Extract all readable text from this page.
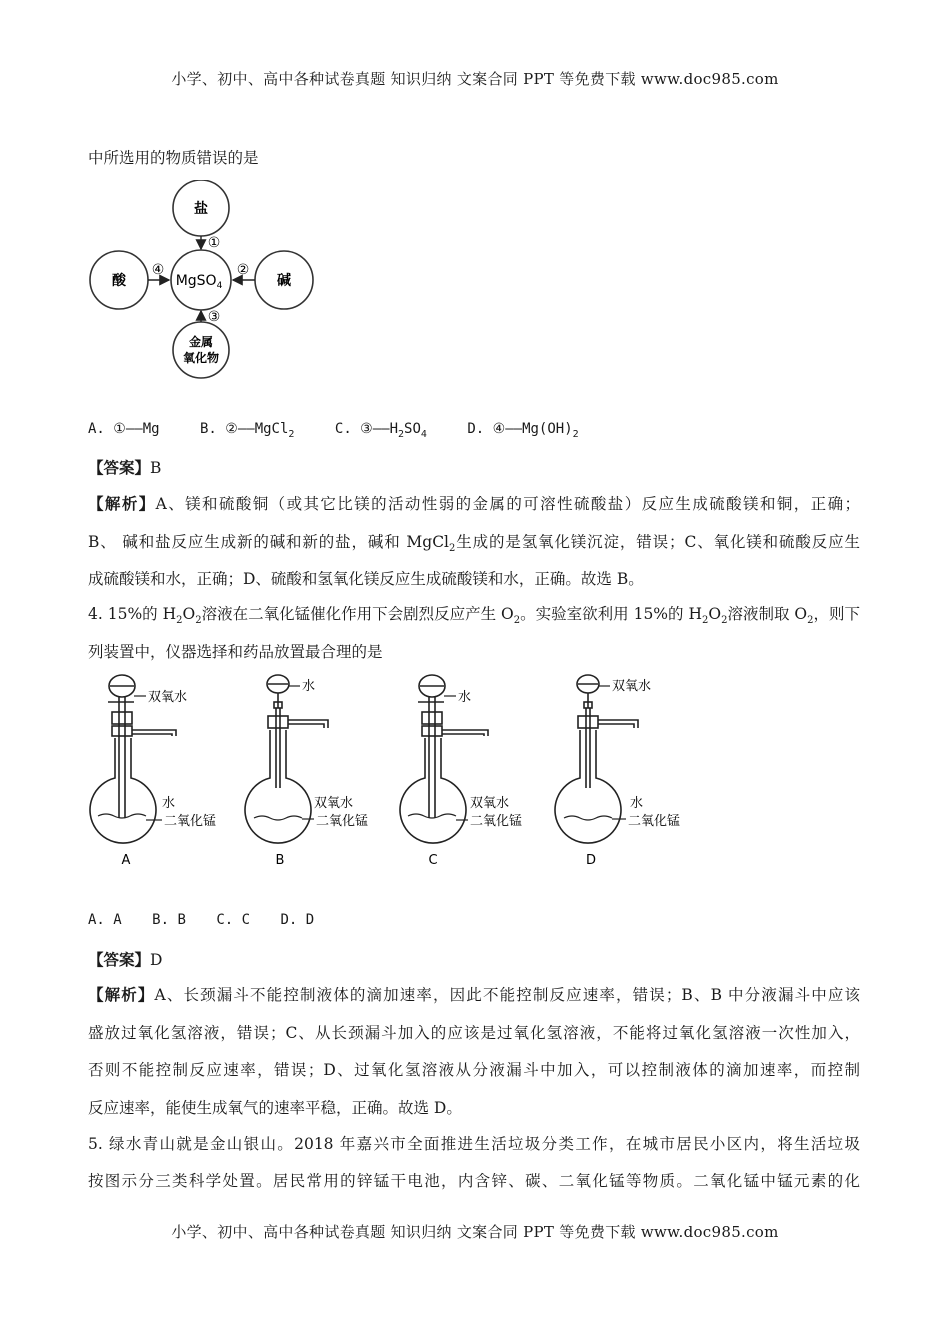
小学、初中、高中各种试卷真题 知识归纳 文案合同 PPT 等免费下载 www.doc985.com
中所选用的物质错误的是
盐
酸	碱
MgSO$_4$
金属
氧化物
①
②
③
④
A. ①——Mg	B. ②——MgCl$_2$	C. $③——H_2SO_4$	D. $④——Mg(OH)_2$
【答案】B
【解析】A、镁和硫酸铜（或其它比镁的活动性弱的金属的可溶性硫酸盐）反应生成硫酸镁和铜，正确；
B、 碱和盐反应生成新的碱和新的盐，碱和 MgCl$_2$生成的是氢氧化镁沉淀，错误；C、氧化镁和硫酸反应生
成硫酸镁和水，正确；D、硫酸和氢氧化镁反应生成硫酸镁和水，正确。故选 B。
4. 15%的 $H_2O_2$溶液在二氧化锰催化作用下会剧烈反应产生 $O_2$。实验室欲利用 15%的 $H_2O_2$溶液制取 $O_2$，则下
列装置中，仪器选择和药品放置最合理的是
双氧水
水
二氧化锰
A
水
双氧水
二氧化锰
B
水
双氧水
二氧化锰
C
双氧水
水
二氧化锰
D
A. A B. B C. C D. D
【答案】D
【解析】A、长颈漏斗不能控制液体的滴加速率，因此不能控制反应速率，错误；B、B 中分液漏斗中应该
盛放过氧化氢溶液，错误；C、从长颈漏斗加入的应该是过氧化氢溶液，不能将过氧化氢溶液一次性加入，
否则不能控制反应速率，错误；D、过氧化氢溶液从分液漏斗中加入，可以控制液体的滴加速率，而控制
反应速率，能使生成氧气的速率平稳，正确。故选 D。
5. 绿水青山就是金山银山。2018 年嘉兴市全面推进生活垃圾分类工作，在城市居民小区内，将生活垃圾
按图示分三类科学处置。居民常用的锌锰干电池，内含锌、碳、二氧化锰等物质。二氧化锰中锰元素的化
小学、初中、高中各种试卷真题 知识归纳 文案合同 PPT 等免费下载 www.doc985.com
